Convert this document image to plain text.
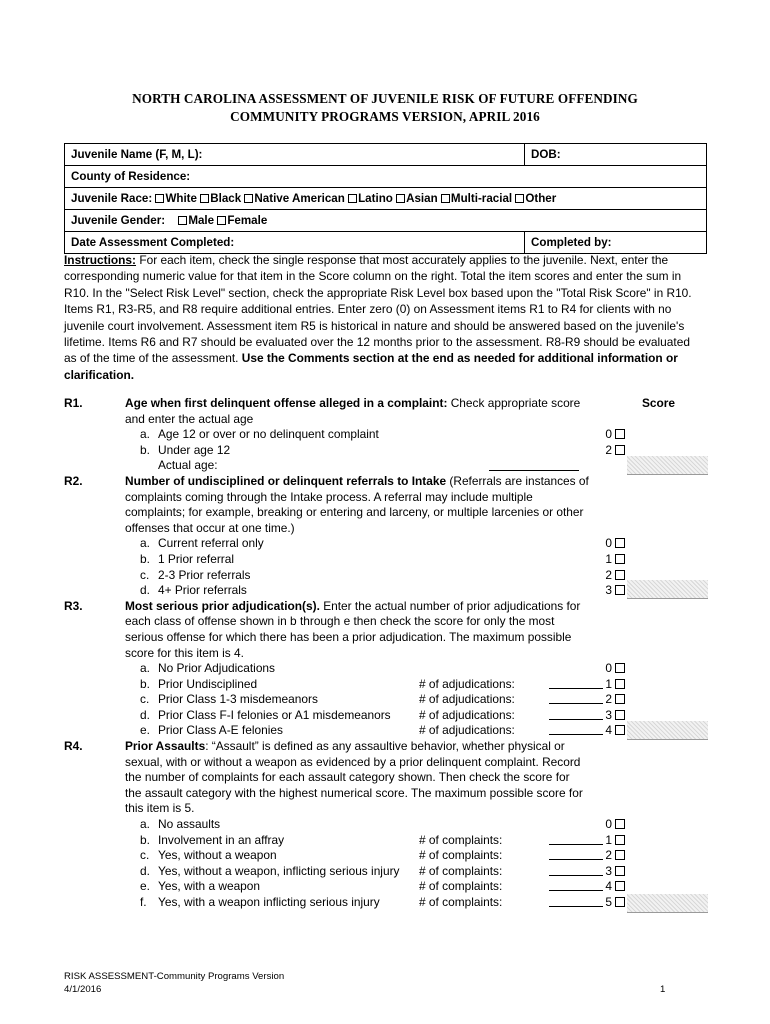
NORTH CAROLINA ASSESSMENT OF JUVENILE RISK OF FUTURE OFFENDING
COMMUNITY PROGRAMS VERSION, APRIL 2016
Juvenile Name (F, M, L):	DOB:
County of Residence:	
Juvenile Race: White Black Native American Latino Asian Multi-racial Other	
Juvenile Gender: Male Female	
Date Assessment Completed:	Completed by:
Instructions: For each item, check the single response that most accurately applies to the juvenile. Next, enter the corresponding numeric value for that item in the Score column on the right. Total the item scores and enter the sum in R10. In the "Select Risk Level" section, check the appropriate Risk Level box based upon the "Total Risk Score" in R10. Items R1, R3-R5, and R8 require additional entries. Enter zero (0) on Assessment items R1 to R4 for clients with no juvenile court involvement. Assessment item R5 is historical in nature and should be answered based on the juvenile's lifetime. Items R6 and R7 should be evaluated over the 12 months prior to the assessment. R8-R9 should be evaluated as of the time of the assessment. Use the Comments section at the end as needed for additional information or clarification.
Score
R1.	Age when first delinquent offense alleged in a complaint: Check appropriate score and enter the actual age
a. Age 12 or over or no delinquent complaint	0
b. Under age 12	2
Actual age:
R2.	Number of undisciplined or delinquent referrals to Intake (Referrals are instances of complaints coming through the Intake process. A referral may include multiple complaints; for example, breaking or entering and larceny, or multiple larcenies or other offenses that occur at one time.)
a. Current referral only	0
b. 1 Prior referral	1
c. 2-3 Prior referrals	2
d. 4+ Prior referrals	3
R3.	Most serious prior adjudication(s). Enter the actual number of prior adjudications for each class of offense shown in b through e then check the score for only the most serious offense for which there has been a prior adjudication. The maximum possible score for this item is 4.
a. No Prior Adjudications	0
b. Prior Undisciplined	# of adjudications:	1
c. Prior Class 1-3 misdemeanors	# of adjudications:	2
d. Prior Class F-I felonies or A1 misdemeanors # of adjudications:	3
e. Prior Class A-E felonies	# of adjudications:	4
R4.	Prior Assaults: “Assault” is defined as any assaultive behavior, whether physical or sexual, with or without a weapon as evidenced by a prior delinquent complaint. Record the number of complaints for each assault category shown. Then check the score for the assault category with the highest numerical score. The maximum possible score for this item is 5.
a. No assaults	0
b. Involvement in an affray	# of complaints:	1
c. Yes, without a weapon	# of complaints:	2
d. Yes, without a weapon, inflicting serious injury # of complaints:	3
e. Yes, with a weapon	# of complaints:	4
f. Yes, with a weapon inflicting serious injury	# of complaints:	5
RISK ASSESSMENT-Community Programs Version
4/1/2016	1
